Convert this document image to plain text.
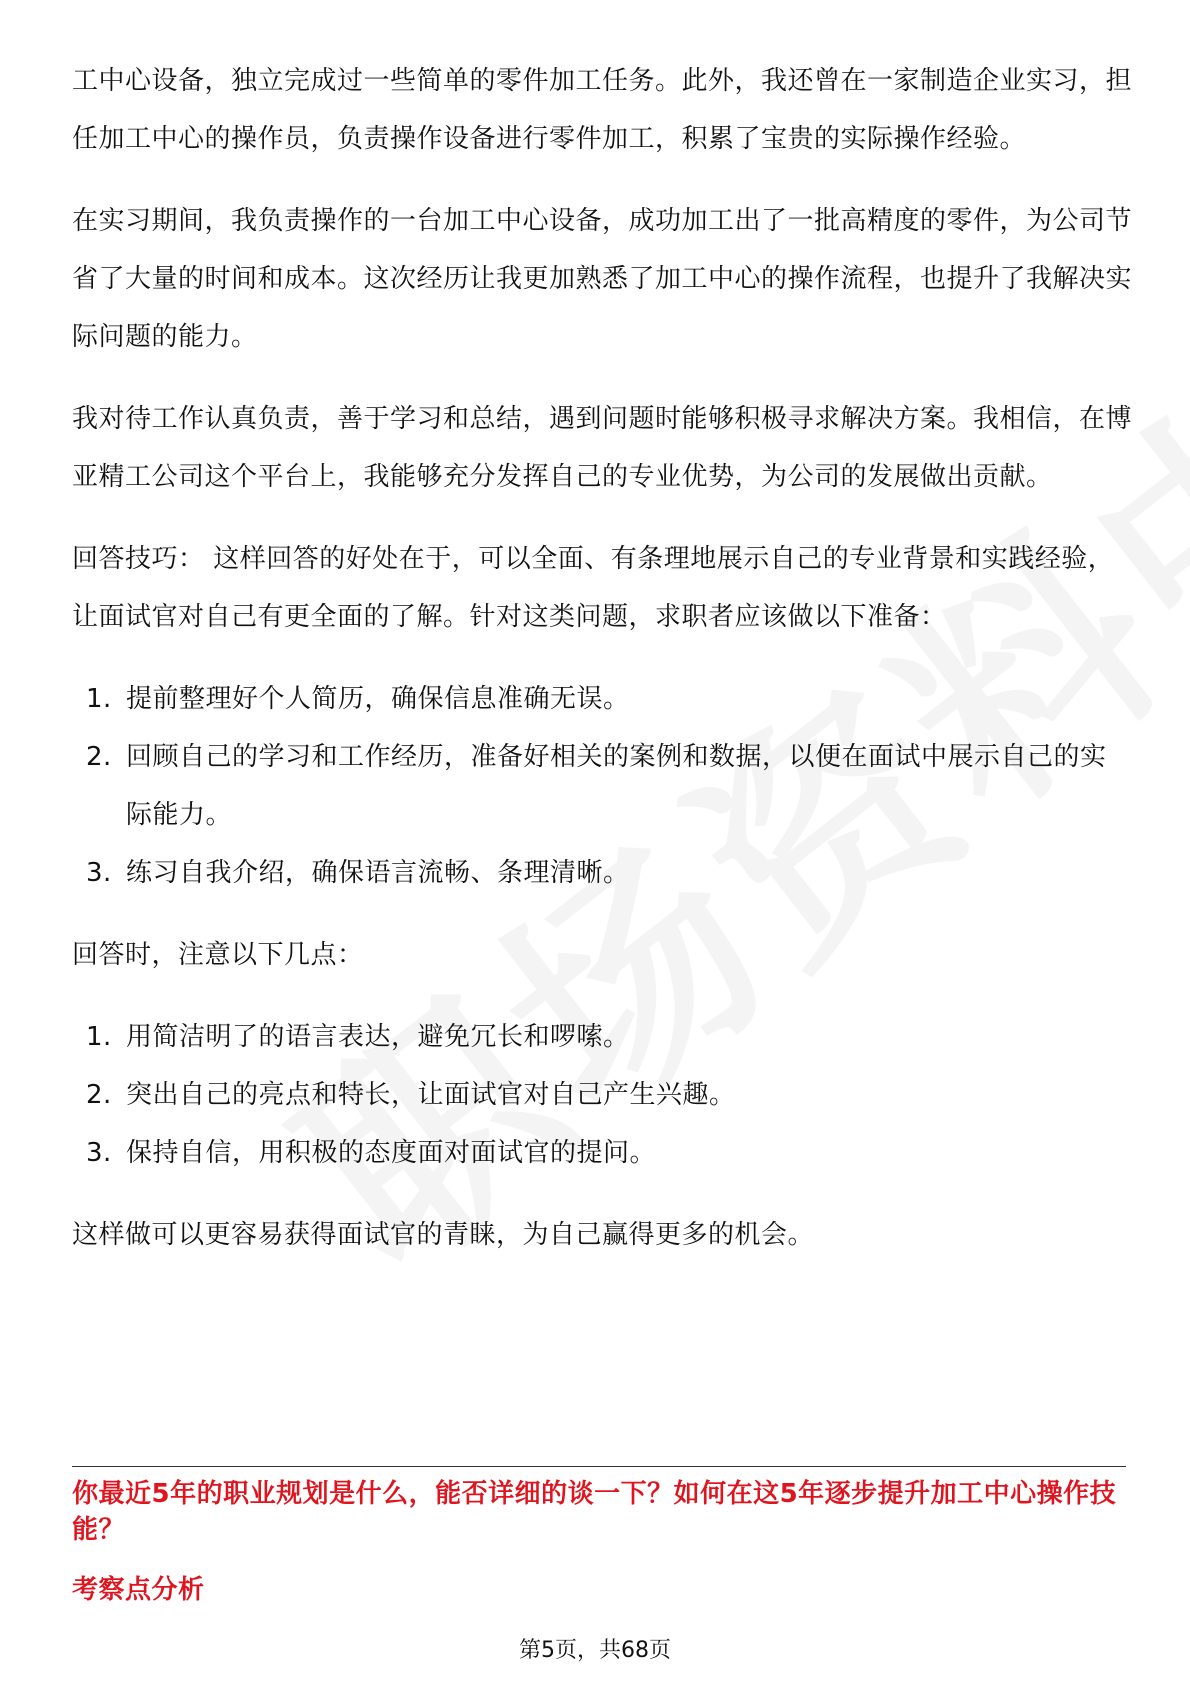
工中心设备，独立完成过一些简单的零件加工任务。此外，我还曾在一家制造企业实习，担任加工中心的操作员，负责操作设备进行零件加工，积累了宝贵的实际操作经验。

在实习期间，我负责操作的一台加工中心设备，成功加工出了一批高精度的零件，为公司节省了大量的时间和成本。这次经历让我更加熟悉了加工中心的操作流程，也提升了我解决实际问题的能力。

我对待工作认真负责，善于学习和总结，遇到问题时能够积极寻求解决方案。我相信，在博亚精工公司这个平台上，我能够充分发挥自己的专业优势，为公司的发展做出贡献。

回答技巧： 这样回答的好处在于，可以全面、有条理地展示自己的专业背景和实践经验，让面试官对自己有更全面的了解。针对这类问题，求职者应该做以下准备：

1. 提前整理好个人简历，确保信息准确无误。
2. 回顾自己的学习和工作经历，准备好相关的案例和数据，以便在面试中展示自己的实际能力。
3. 练习自我介绍，确保语言流畅、条理清晰。

回答时，注意以下几点：

1. 用简洁明了的语言表达，避免冗长和啰嗦。
2. 突出自己的亮点和特长，让面试官对自己产生兴趣。
3. 保持自信，用积极的态度面对面试官的提问。

这样做可以更容易获得面试官的青睐，为自己赢得更多的机会。

你最近5年的职业规划是什么，能否详细的谈一下？如何在这5年逐步提升加工中心操作技能？
考察点分析
第5页，共68页
